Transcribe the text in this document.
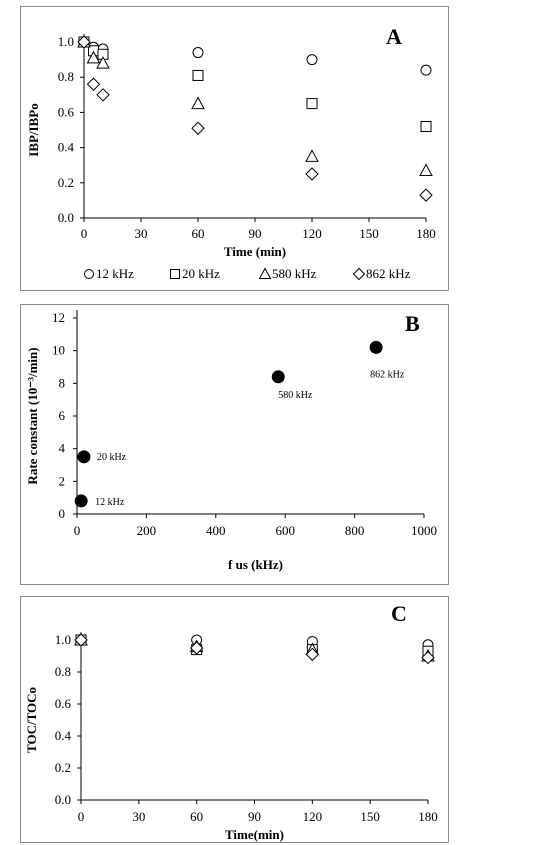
0.0
0.2
0.4
0.6
0.8
1.0
0	30	60	90	120	150	180
Time (min)
IBP/IBPo
A
12 kHz	20 kHz	580 kHz	862 kHz
0
2
4
6
8
10
12
0	200	400	600	800	1000
f us (kHz)
Rate constant (10⁻³/min)
B
12 kHz
20 kHz
580 kHz
862 kHz
0.0
0.2
0.4
0.6
0.8
1.0
0	30	60	90	120	150	180
Time(min)
TOC/TOCo
C
